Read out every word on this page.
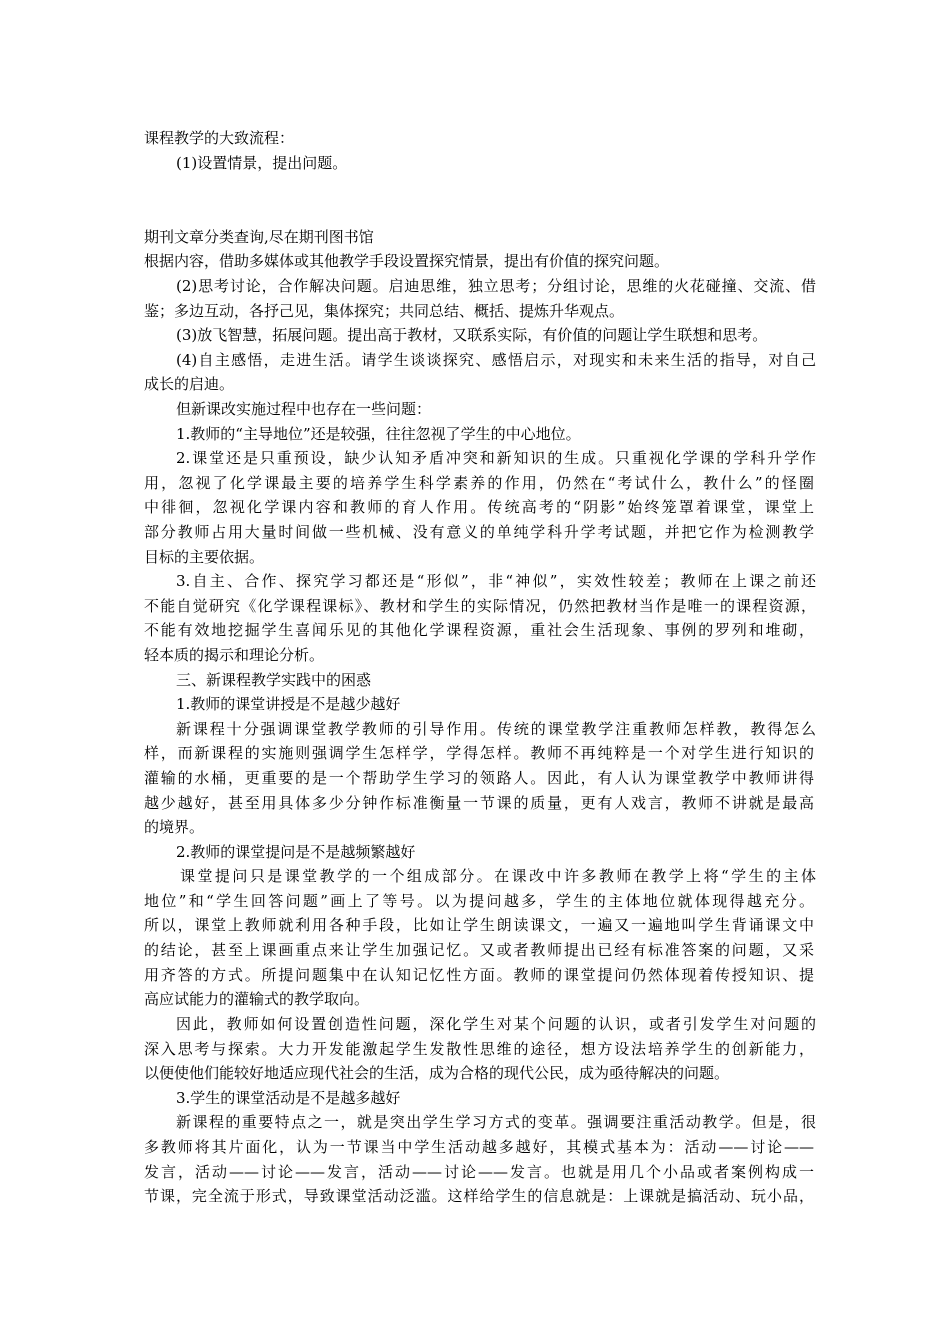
课程教学的大致流程：
(1)设置情景，提出问题。
期刊文章分类查询,尽在期刊图书馆
根据内容，借助多媒体或其他教学手段设置探究情景，提出有价值的探究问题。
(2)思考讨论，合作解决问题。启迪思维，独立思考；分组讨论，思维的火花碰撞、交流、借
鉴；多边互动，各抒己见，集体探究；共同总结、概括、提炼升华观点。
(3)放飞智慧，拓展问题。提出高于教材，又联系实际，有价值的问题让学生联想和思考。
(4)自主感悟，走进生活。请学生谈谈探究、感悟启示，对现实和未来生活的指导，对自己
成长的启迪。
但新课改实施过程中也存在一些问题：
1.教师的“主导地位”还是较强，往往忽视了学生的中心地位。
2.课堂还是只重预设，缺少认知矛盾冲突和新知识的生成。只重视化学课的学科升学作
用，忽视了化学课最主要的培养学生科学素养的作用，仍然在“考试什么，教什么”的怪圈
中徘徊，忽视化学课内容和教师的育人作用。传统高考的“阴影”始终笼罩着课堂，课堂上
部分教师占用大量时间做一些机械、没有意义的单纯学科升学考试题，并把它作为检测教学
目标的主要依据。
3.自主、合作、探究学习都还是“形似”，非“神似”，实效性较差；教师在上课之前还
不能自觉研究《化学课程课标》、教材和学生的实际情况，仍然把教材当作是唯一的课程资源，
不能有效地挖掘学生喜闻乐见的其他化学课程资源，重社会生活现象、事例的罗列和堆砌，
轻本质的揭示和理论分析。
三、新课程教学实践中的困惑
1.教师的课堂讲授是不是越少越好
新课程十分强调课堂教学教师的引导作用。传统的课堂教学注重教师怎样教，教得怎么
样，而新课程的实施则强调学生怎样学，学得怎样。教师不再纯粹是一个对学生进行知识的
灌输的水桶，更重要的是一个帮助学生学习的领路人。因此，有人认为课堂教学中教师讲得
越少越好，甚至用具体多少分钟作标准衡量一节课的质量，更有人戏言，教师不讲就是最高
的境界。
2.教师的课堂提问是不是越频繁越好
课堂提问只是课堂教学的一个组成部分。在课改中许多教师在教学上将“学生的主体
地位”和“学生回答问题”画上了等号。以为提问越多，学生的主体地位就体现得越充分。
所以，课堂上教师就利用各种手段，比如让学生朗读课文，一遍又一遍地叫学生背诵课文中
的结论，甚至上课画重点来让学生加强记忆。又或者教师提出已经有标准答案的问题，又采
用齐答的方式。所提问题集中在认知记忆性方面。教师的课堂提问仍然体现着传授知识、提
高应试能力的灌输式的教学取向。
因此，教师如何设置创造性问题，深化学生对某个问题的认识，或者引发学生对问题的
深入思考与探索。大力开发能激起学生发散性思维的途径，想方设法培养学生的创新能力，
以便使他们能较好地适应现代社会的生活，成为合格的现代公民，成为亟待解决的问题。
3.学生的课堂活动是不是越多越好
新课程的重要特点之一，就是突出学生学习方式的变革。强调要注重活动教学。但是，很
多教师将其片面化，认为一节课当中学生活动越多越好，其模式基本为：活动——讨论——
发言，活动——讨论——发言，活动——讨论——发言。也就是用几个小品或者案例构成一
节课，完全流于形式，导致课堂活动泛滥。这样给学生的信息就是：上课就是搞活动、玩小品，
